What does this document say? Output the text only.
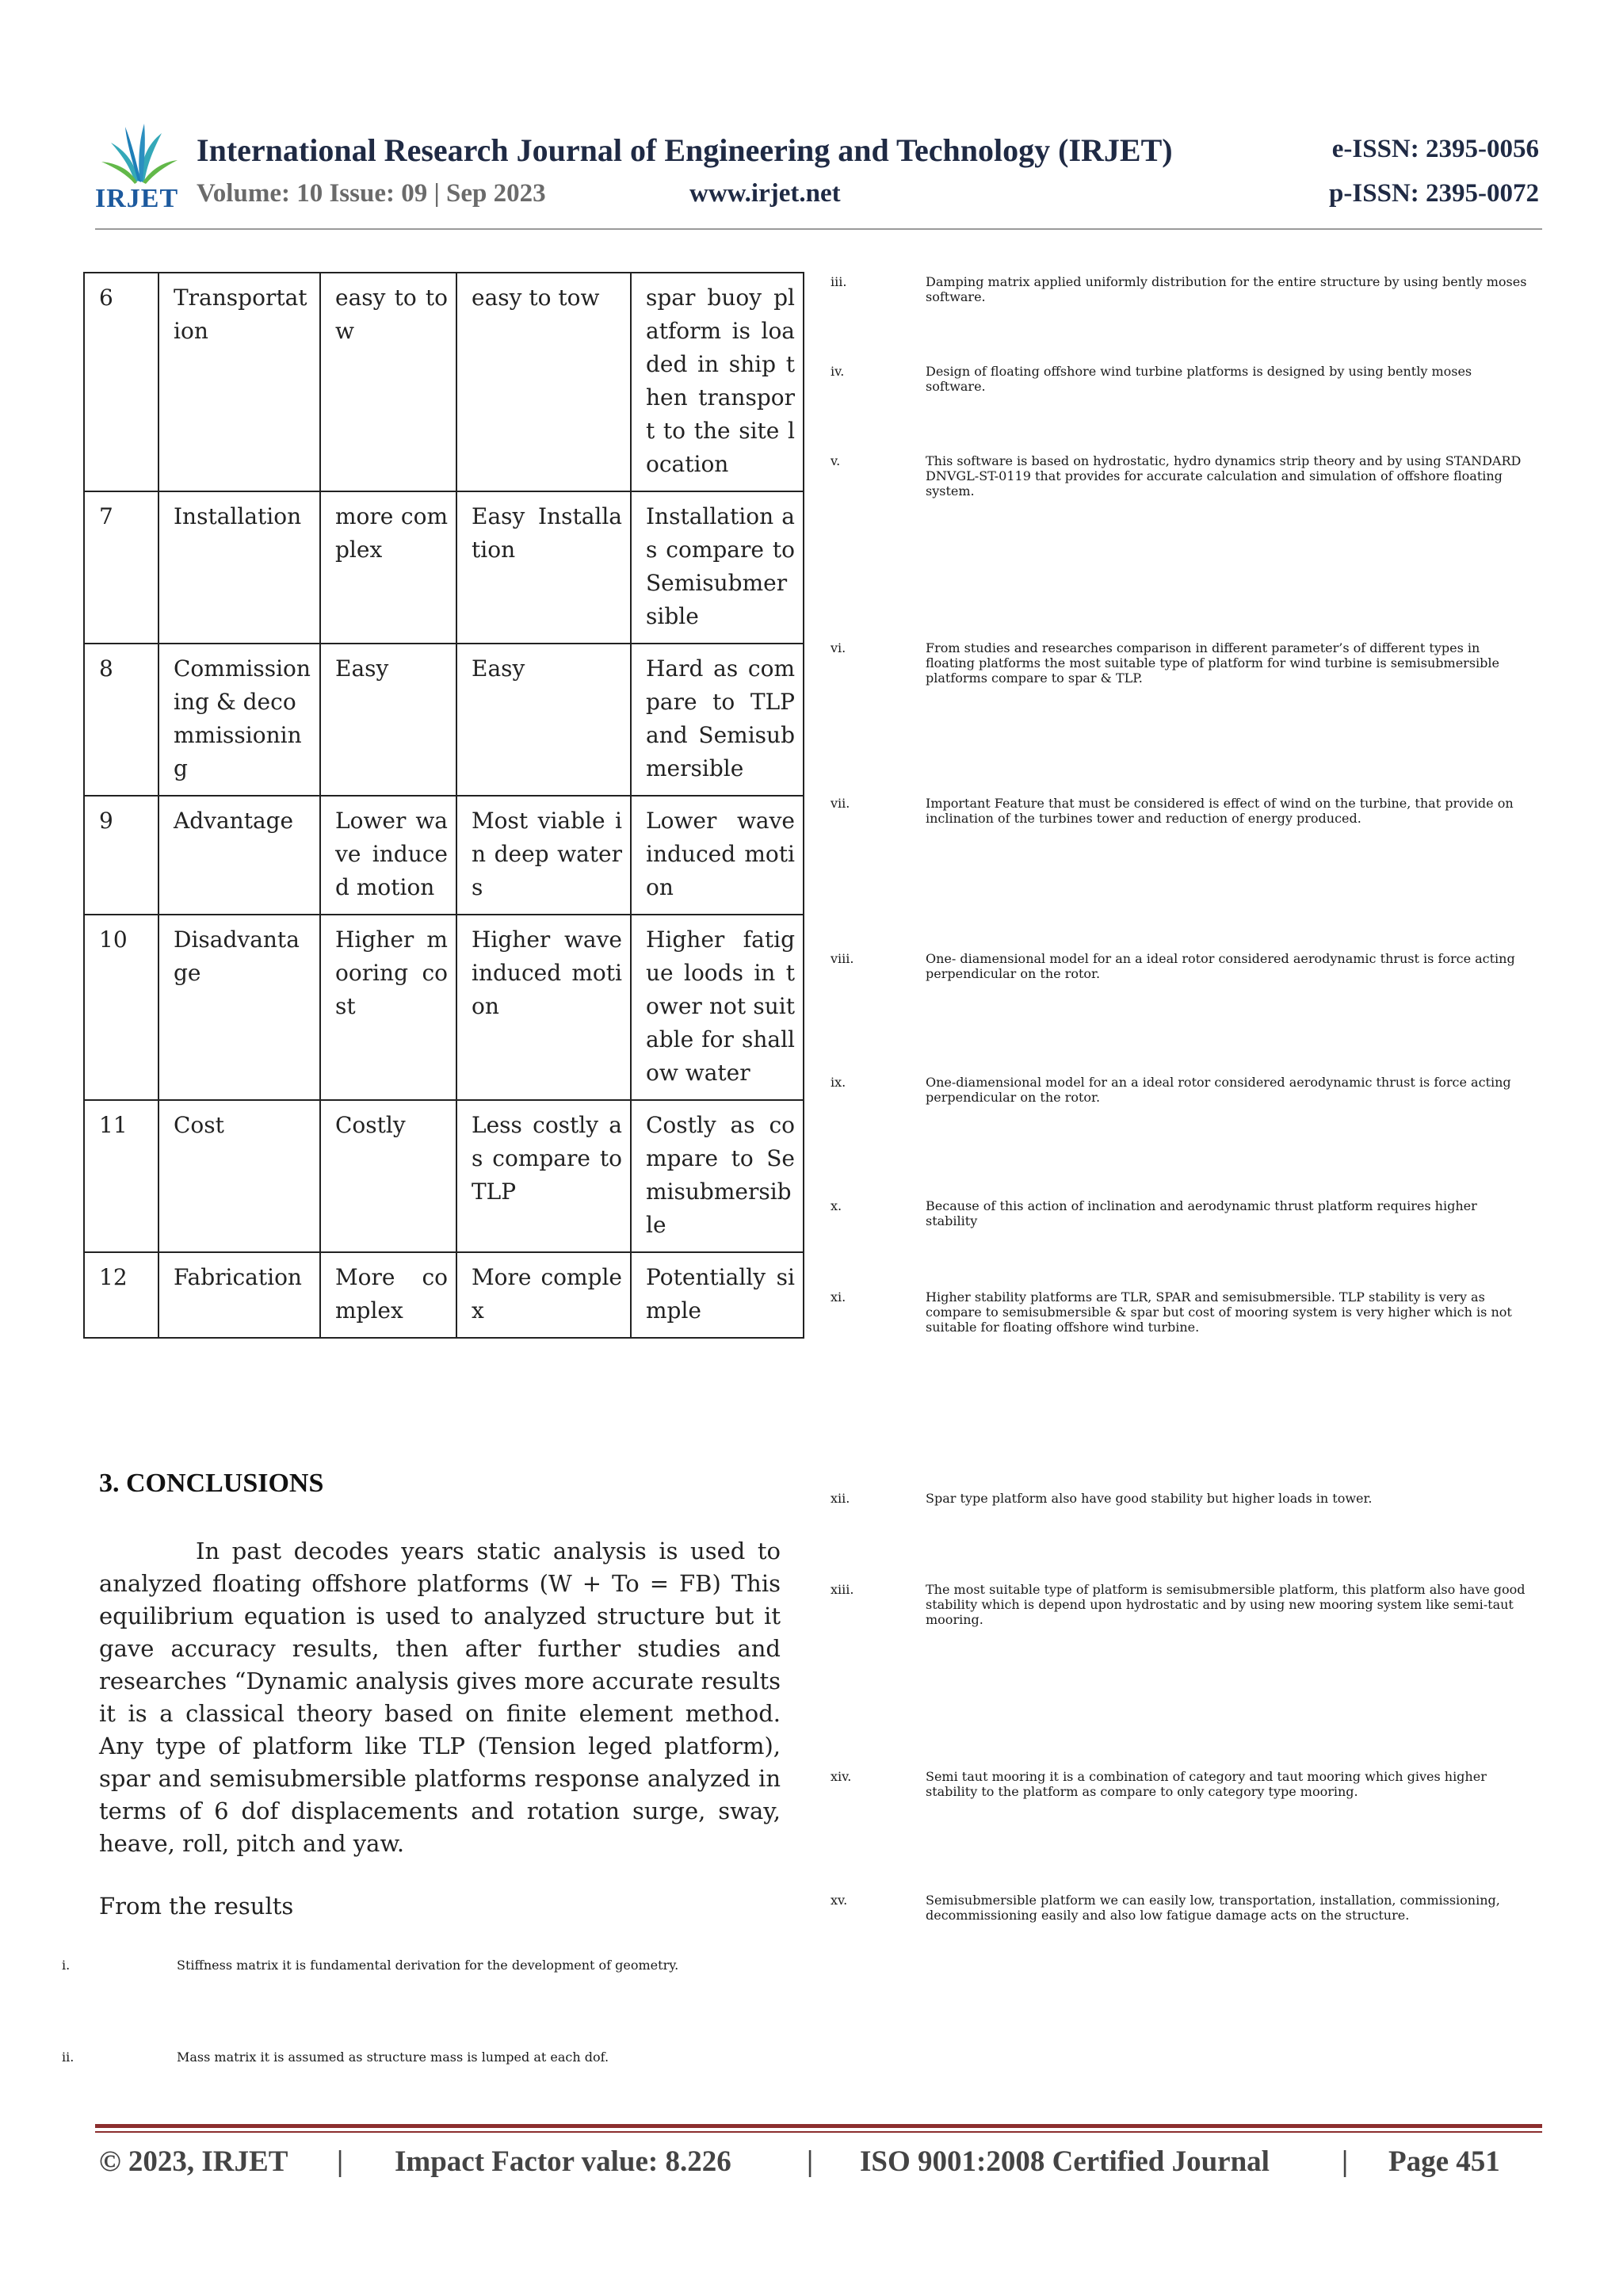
IRJET
International Research Journal of Engineering and Technology (IRJET)
Volume: 10 Issue: 09 | Sep 2023	www.irjet.net
e-ISSN: 2395-0056
p-ISSN: 2395-0072
6	Transportation	easy to tow	easy to tow	spar buoy platform is loaded in ship then transport to the site location
7	Installation	more complex	Easy Installation	Installation as compare to Semisubmersible
8	Commissioning & decommissioning	Easy	Easy	Hard as compare to TLP and Semisubmersible
9	Advantage	Lower wave induced motion	Most viable in deep waters	Lower wave induced motion
10	Disadvantage	Higher mooring cost	Higher wave induced motion	Higher fatigue loods in tower not suitable for shallow water
11	Cost	Costly	Less costly as compare to TLP	Costly as compare to Semisubmersible
12	Fabrication	More complex	More complex	Potentially simple
3. CONCLUSIONS
In past decodes years static analysis is used to analyzed floating offshore platforms (W + To = FB) This equilibrium equation is used to analyzed structure but it gave accuracy results, then after further studies and researches “Dynamic analysis gives more accurate results it is a classical theory based on finite element method. Any type of platform like TLP (Tension leged platform), spar and semisubmersible platforms response analyzed in terms of 6 dof displacements and rotation surge, sway, heave, roll, pitch and yaw.
From the results
i.	Stiffness matrix it is fundamental derivation for the development of geometry.
ii.	Mass matrix it is assumed as structure mass is lumped at each dof.
iii.	Damping matrix applied uniformly distribution for the entire structure by using bently moses software.
iv.	Design of floating offshore wind turbine platforms is designed by using bently moses software.
v.	This software is based on hydrostatic, hydro dynamics strip theory and by using STANDARD DNVGL-ST-0119 that provides for accurate calculation and simulation of offshore floating system.
vi.	From studies and researches comparison in different parameter’s of different types in floating platforms the most suitable type of platform for wind turbine is semisubmersible platforms compare to spar & TLP.
vii.	Important Feature that must be considered is effect of wind on the turbine, that provide on inclination of the turbines tower and reduction of energy produced.
viii.	One- diamensional model for an a ideal rotor considered aerodynamic thrust is force acting perpendicular on the rotor.
ix.	One-diamensional model for an a ideal rotor considered aerodynamic thrust is force acting perpendicular on the rotor.
x.	Because of this action of inclination and aerodynamic thrust platform requires higher stability
xi.	Higher stability platforms are TLR, SPAR and semisubmersible. TLP stability is very as compare to semisubmersible & spar but cost of mooring system is very higher which is not suitable for floating offshore wind turbine.
xii.	Spar type platform also have good stability but higher loads in tower.
xiii.	The most suitable type of platform is semisubmersible platform, this platform also have good stability which is depend upon hydrostatic and by using new mooring system like semi-taut mooring.
xiv.	Semi taut mooring it is a combination of category and taut mooring which gives higher stability to the platform as compare to only category type mooring.
xv.	Semisubmersible platform we can easily low, transportation, installation, commissioning, decommissioning easily and also low fatigue damage acts on the structure.
© 2023, IRJET | Impact Factor value: 8.226	| ISO 9001:2008 Certified Journal | Page 451
